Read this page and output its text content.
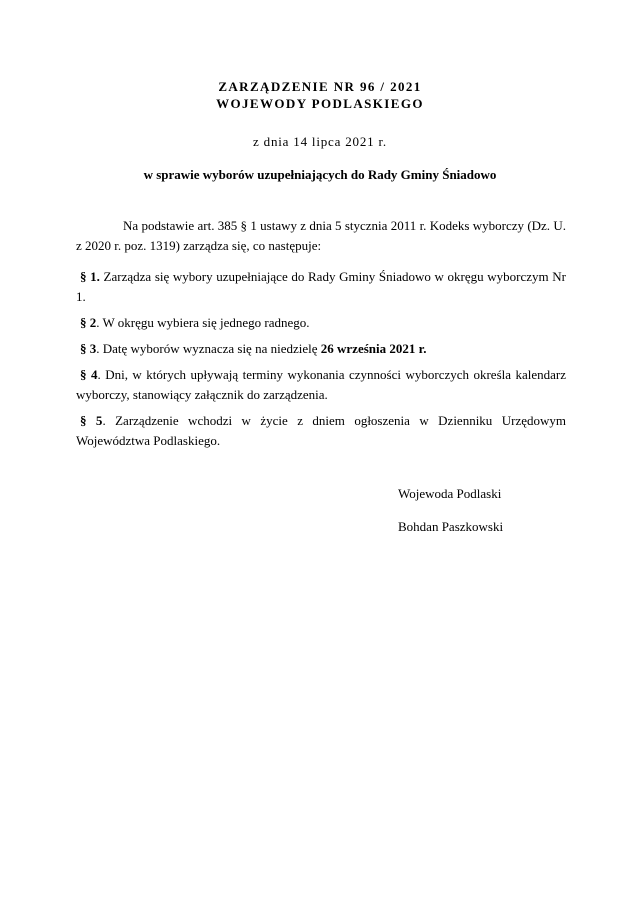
ZARZĄDZENIE NR 96 / 2021
WOJEWODY PODLASKIEGO
z dnia 14 lipca 2021 r.
w sprawie wyborów uzupełniających do Rady Gminy Śniadowo

Na podstawie art. 385 § 1 ustawy z dnia 5 stycznia 2011 r. Kodeks wyborczy (Dz. U. z 2020 r. poz. 1319) zarządza się, co następuje:

§ 1. Zarządza się wybory uzupełniające do Rady Gminy Śniadowo w okręgu wyborczym Nr 1.

§ 2. W okręgu wybiera się jednego radnego.

§ 3. Datę wyborów wyznacza się na niedzielę 26 września 2021 r.

§ 4. Dni, w których upływają terminy wykonania czynności wyborczych określa kalendarz wyborczy, stanowiący załącznik do zarządzenia.

§ 5. Zarządzenie wchodzi w życie z dniem ogłoszenia w Dzienniku Urzędowym Województwa Podlaskiego.

Wojewoda Podlaski
Bohdan Paszkowski
